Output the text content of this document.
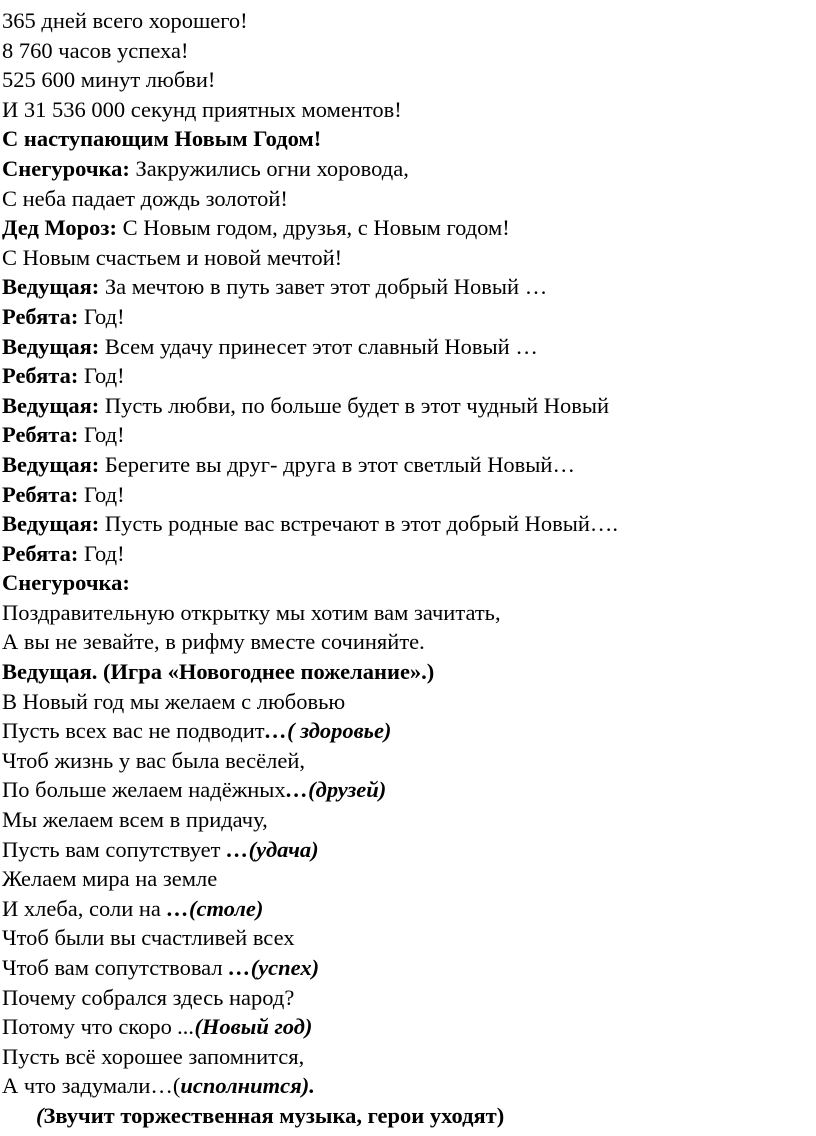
365 дней всего хорошего!
8 760 часов успеха!
525 600 минут любви!
И 31 536 000 секунд приятных моментов!
С наступающим Новым Годом!
Снегурочка: Закружились огни хоровода,
С неба падает дождь золотой!
Дед Мороз: С Новым годом, друзья, с Новым годом!
С Новым счастьем и новой мечтой!
Ведущая: За мечтою в путь завет этот добрый Новый …
Ребята: Год!
Ведущая: Всем удачу принесет этот славный Новый …
Ребята: Год!
Ведущая: Пусть любви, по больше будет в этот чудный Новый
Ребята: Год!
Ведущая: Берегите вы друг- друга в этот светлый Новый…
Ребята: Год!
Ведущая: Пусть родные вас встречают в этот добрый Новый….
Ребята: Год!
Снегурочка:
Поздравительную открытку мы хотим вам зачитать,
А вы не зевайте, в рифму вместе сочиняйте.
Ведущая. (Игра «Новогоднее пожелание».)
В Новый год мы желаем с любовью
Пусть всех вас не подводит…( здоровье)
Чтоб жизнь у вас была весёлей,
По больше желаем надёжных…(друзей)
Мы желаем всем в придачу,
Пусть вам сопутствует …(удача)
Желаем мира на земле
И хлеба, соли на …(столе)
Чтоб были вы счастливей всех
Чтоб вам сопутствовал …(успех)
Почему собрался здесь народ?
Потому что скоро ...(Новый год)
Пусть всё хорошее запомнится,
А что задумали…(исполнится).
(Звучит торжественная музыка, герои уходят)
